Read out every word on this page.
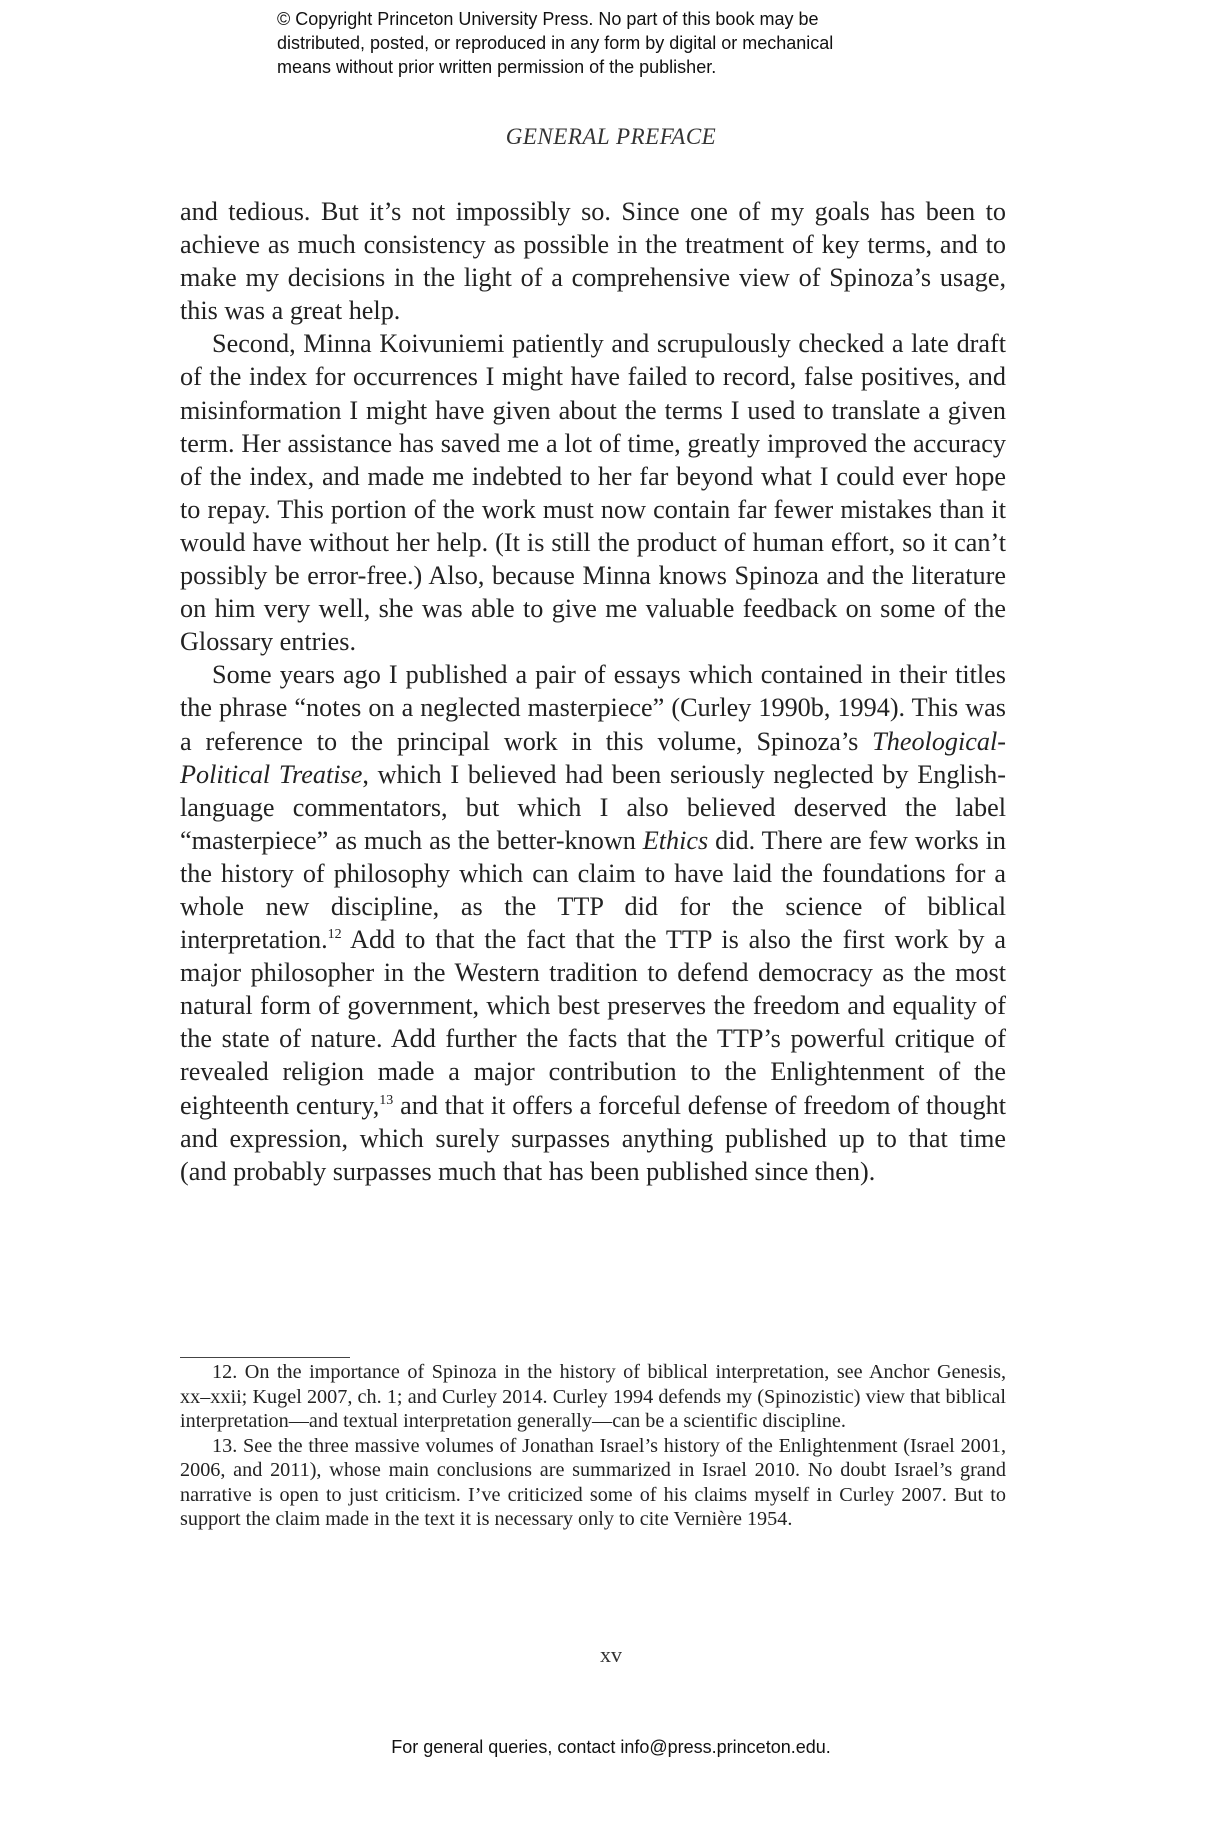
© Copyright Princeton University Press. No part of this book may be
distributed, posted, or reproduced in any form by digital or mechanical
means without prior written permission of the publisher.
GENERAL PREFACE

and tedious. But it’s not impossibly so. Since one of my goals has been to achieve as much consistency as possible in the treatment of key terms, and to make my decisions in the light of a comprehensive view of Spinoza’s usage, this was a great help.

Second, Minna Koivuniemi patiently and scrupulously checked a late draft of the index for occurrences I might have failed to record, false positives, and misinformation I might have given about the terms I used to translate a given term. Her assistance has saved me a lot of time, greatly improved the accuracy of the index, and made me indebted to her far beyond what I could ever hope to repay. This portion of the work must now contain far fewer mistakes than it would have without her help. (It is still the product of human effort, so it can’t possibly be error-free.) Also, because Minna knows Spinoza and the literature on him very well, she was able to give me valuable feedback on some of the Glossary entries.

Some years ago I published a pair of essays which contained in their titles the phrase “notes on a neglected masterpiece” (Curley 1990b, 1994). This was a reference to the principal work in this volume, Spinoza’s Theological-Political Treatise, which I believed had been seriously neglected by English-language commentators, but which I also believed deserved the label “masterpiece” as much as the better-known Ethics did. There are few works in the history of philosophy which can claim to have laid the foundations for a whole new discipline, as the TTP did for the science of biblical interpretation.$^{12}$ Add to that the fact that the TTP is also the first work by a major philosopher in the Western tradition to defend democracy as the most natural form of government, which best preserves the freedom and equality of the state of nature. Add further the facts that the TTP’s powerful critique of revealed religion made a major contribution to the Enlightenment of the eighteenth century,$^{13}$ and that it offers a forceful defense of freedom of thought and expression, which surely surpasses anything published up to that time (and probably surpasses much that has been published since then).

12. On the importance of Spinoza in the history of biblical interpretation, see Anchor Genesis, xx–xxii; Kugel 2007, ch. 1; and Curley 2014. Curley 1994 defends my (Spinozistic) view that biblical interpretation—and textual interpretation generally—can be a scientific discipline.

13. See the three massive volumes of Jonathan Israel’s history of the Enlightenment (Israel 2001, 2006, and 2011), whose main conclusions are summarized in Israel 2010. No doubt Israel’s grand narrative is open to just criticism. I’ve criticized some of his claims myself in Curley 2007. But to support the claim made in the text it is necessary only to cite Vernière 1954.

xv
For general queries, contact info@press.princeton.edu.
